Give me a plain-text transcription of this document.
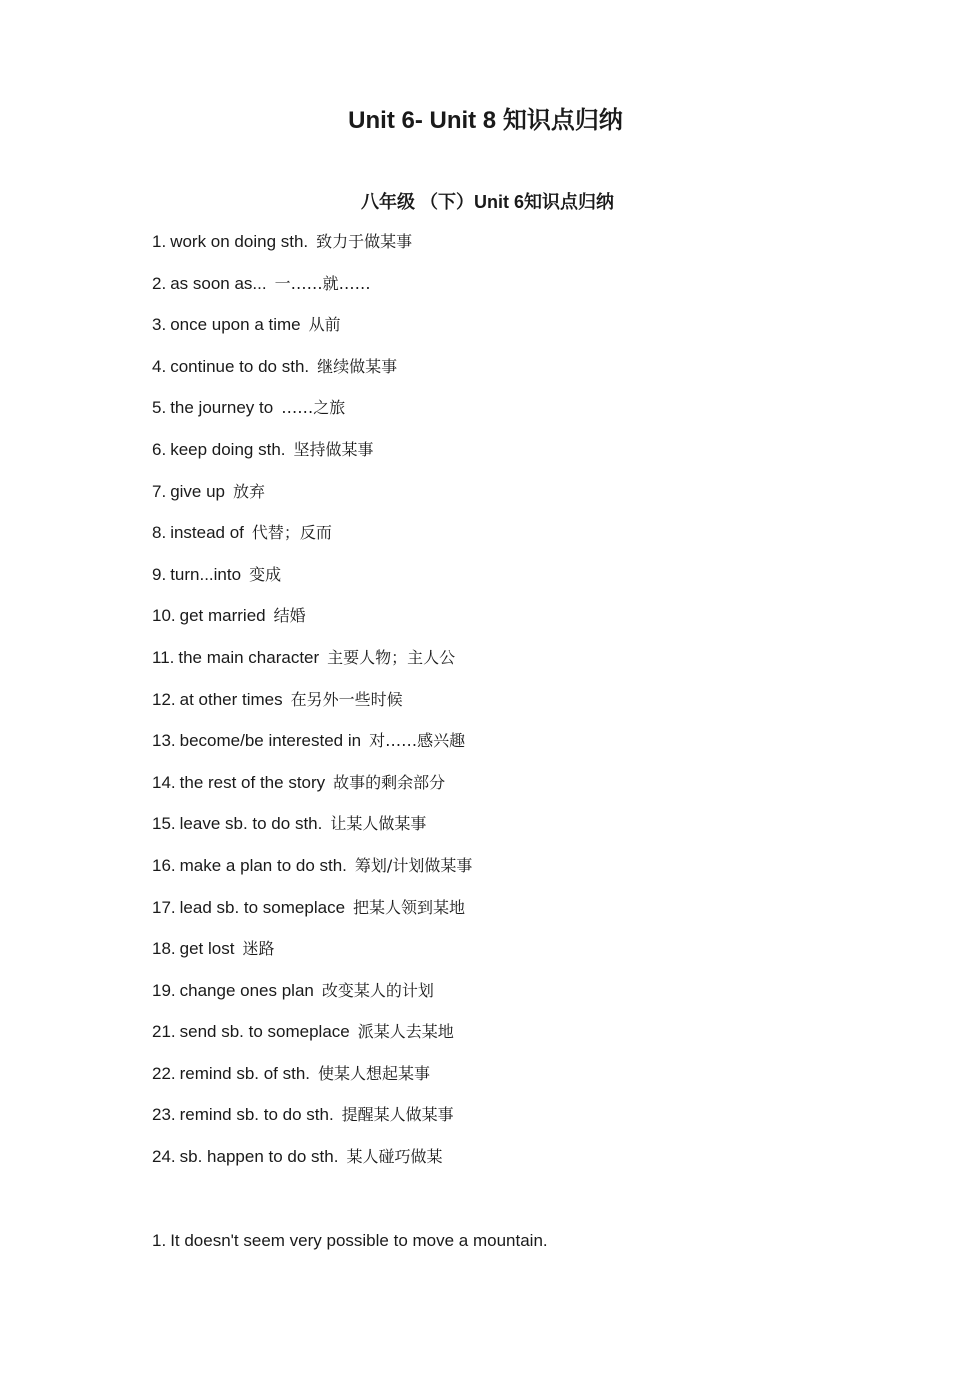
Unit 6- Unit 8 知识点归纳
八年级 （下）Unit 6知识点归纳
1. work on doing sth. 致力于做某事
2. as soon as... 一……就……
3. once upon a time 从前
4. continue to do sth. 继续做某事
5. the journey to ……之旅
6. keep doing sth. 坚持做某事
7. give up 放弃
8. instead of 代替；反而
9. turn...into 变成
10. get married 结婚
11. the main character 主要人物；主人公
12. at other times 在另外一些时候
13. become/be interested in 对……感兴趣
14. the rest of the story 故事的剩余部分
15. leave sb. to do sth. 让某人做某事
16. make a plan to do sth. 筹划/计划做某事
17. lead sb. to someplace 把某人领到某地
18. get lost 迷路
19. change ones plan 改变某人的计划
21. send sb. to someplace 派某人去某地
22. remind sb. of sth. 使某人想起某事
23. remind sb. to do sth. 提醒某人做某事
24. sb. happen to do sth. 某人碰巧做某
1. It doesn't seem very possible to move a mountain.
